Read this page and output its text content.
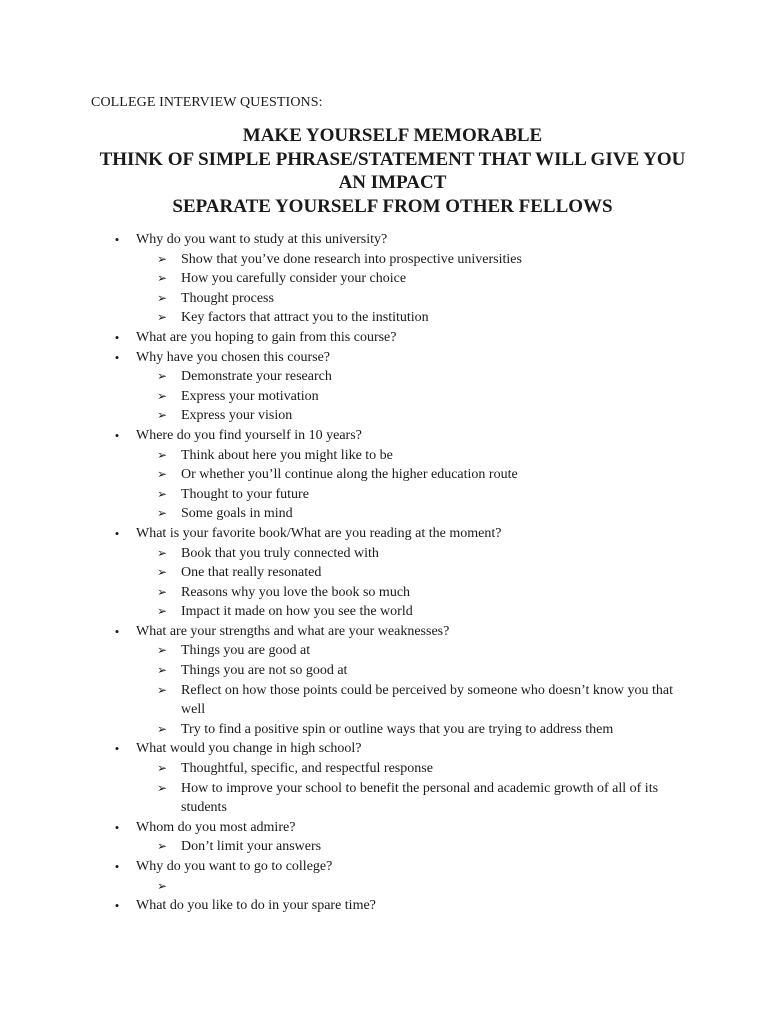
COLLEGE INTERVIEW QUESTIONS:
MAKE YOURSELF MEMORABLE
THINK OF SIMPLE PHRASE/STATEMENT THAT WILL GIVE YOU AN IMPACT
SEPARATE YOURSELF FROM OTHER FELLOWS
• Why do you want to study at this university?
➢ Show that you’ve done research into prospective universities
➢ How you carefully consider your choice
➢ Thought process
➢ Key factors that attract you to the institution
• What are you hoping to gain from this course?
• Why have you chosen this course?
➢ Demonstrate your research
➢ Express your motivation
➢ Express your vision
• Where do you find yourself in 10 years?
➢ Think about here you might like to be
➢ Or whether you’ll continue along the higher education route
➢ Thought to your future
➢ Some goals in mind
• What is your favorite book/What are you reading at the moment?
➢ Book that you truly connected with
➢ One that really resonated
➢ Reasons why you love the book so much
➢ Impact it made on how you see the world
• What are your strengths and what are your weaknesses?
➢ Things you are good at
➢ Things you are not so good at
➢ Reflect on how those points could be perceived by someone who doesn’t know you that well
➢ Try to find a positive spin or outline ways that you are trying to address them
• What would you change in high school?
➢ Thoughtful, specific, and respectful response
➢ How to improve your school to benefit the personal and academic growth of all of its students
• Whom do you most admire?
➢ Don’t limit your answers
• Why do you want to go to college?
➢
• What do you like to do in your spare time?
